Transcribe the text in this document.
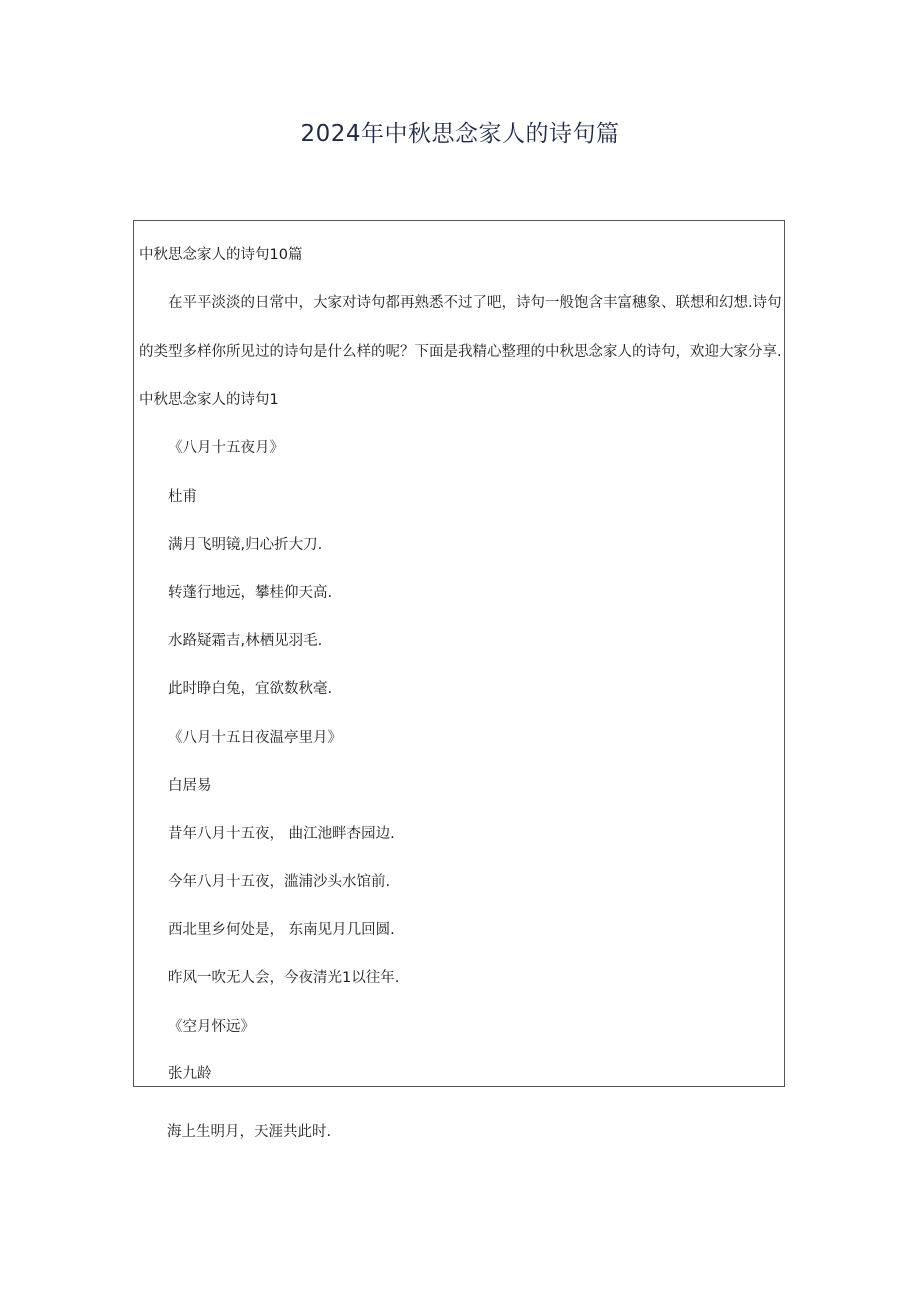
2024年中秋思念家人的诗句篇
中秋思念家人的诗句10篇
在平平淡淡的日常中，大家对诗句都再熟悉不过了吧，诗句一般饱含丰富穗象、联想和幻想.诗句
的类型多样你所见过的诗句是什么样的呢？下面是我精心整理的中秋思念家人的诗句，欢迎大家分享.
中秋思念家人的诗句1
《八月十五夜月》
杜甫
满月飞明镜,归心折大刀.
转蓬行地远，攀桂仰天高.
水路疑霜吉,林栖见羽毛.
此时睁白兔，宜欲数秋毫.
《八月十五日夜温亭里月》
白居易
昔年八月十五夜， 曲江池畔杏园边.
今年八月十五夜，滥浦沙头水馆前.
西北里乡何处是， 东南见月几回圆.
昨风一吹无人会，今夜清光1以往年.
《空月怀远》
张九龄
海上生明月，天涯共此时.
